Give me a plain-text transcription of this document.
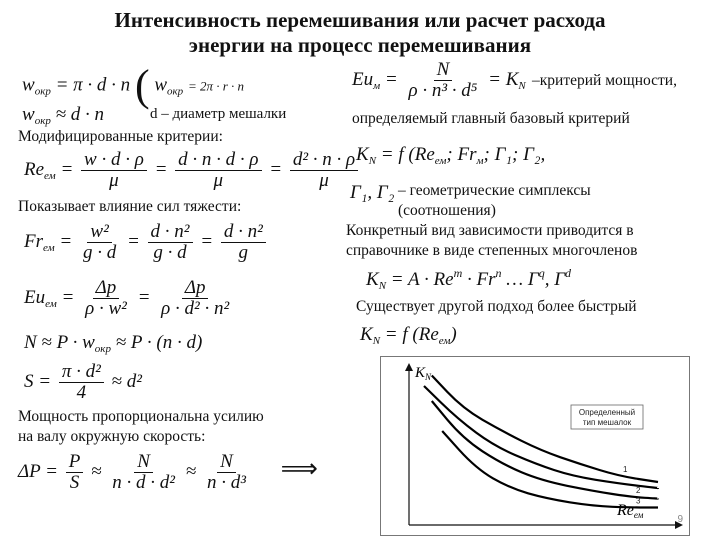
Интенсивность перемешивания или расчет расхода
энергии на процесс перемешивания
$w_{окр} = \pi \cdot d \cdot n$ ( $w_{окр} = 2\pi \cdot r \cdot n$
$w_{окр} \approx d \cdot n$	d – диаметр мешалки
Модифицированные критерии:
$Re_{ем} = \frac{w \cdot d \cdot \rho}{\mu} = \frac{d \cdot n \cdot d \cdot \rho}{\mu} = \frac{\text{d² · n · ρ}}{\mu}$
Показывает влияние сил тяжести:
$Fr_{ем} = \frac{\text{w²}}{g \cdot d} = \frac{\text{d · n²}}{g \cdot d} = \frac{\text{d · n²}}{g}$
$Eu_{ем} = \frac{\Delta p}{\text{ρ · w²}} = \frac{\Delta p}{\text{ρ · d² · n²}}$
$N \approx P \cdot w_{окр} \approx P \cdot (n \cdot d)$
$S = \frac{\text{π · d²}}{4} \approx d^2$
Мощность пропорциональна усилию
на валу окружную скорость:
$\Delta P = \frac{P}{S} \approx \frac{N}{\text{n · d · d²}} \approx \frac{N}{\text{n · d³}}$ ⟹
$Eu_м = \frac{N}{\text{ρ · n³ · d⁵}} = K_N$ –критерий мощности,
определяемый главный базовый критерий
$K_N = f$ ($Re_{ем}$; $Fr_м$; Г₁; Г₂,
Г₁, Г₂ – геометрические симплексы
(соотношения)
Конкретный вид зависимости приводится в
справочнике в виде степенных многочленов
$K_N = A \cdot Re^m \cdot Fr^n$ … $Г^q$, $Г^d$
Существует другой подход более быстрый
$K_N = f$ $(Re_{ем})$
$K_N$
Reем
Определенный
тип мешалок
1
2
3
9
